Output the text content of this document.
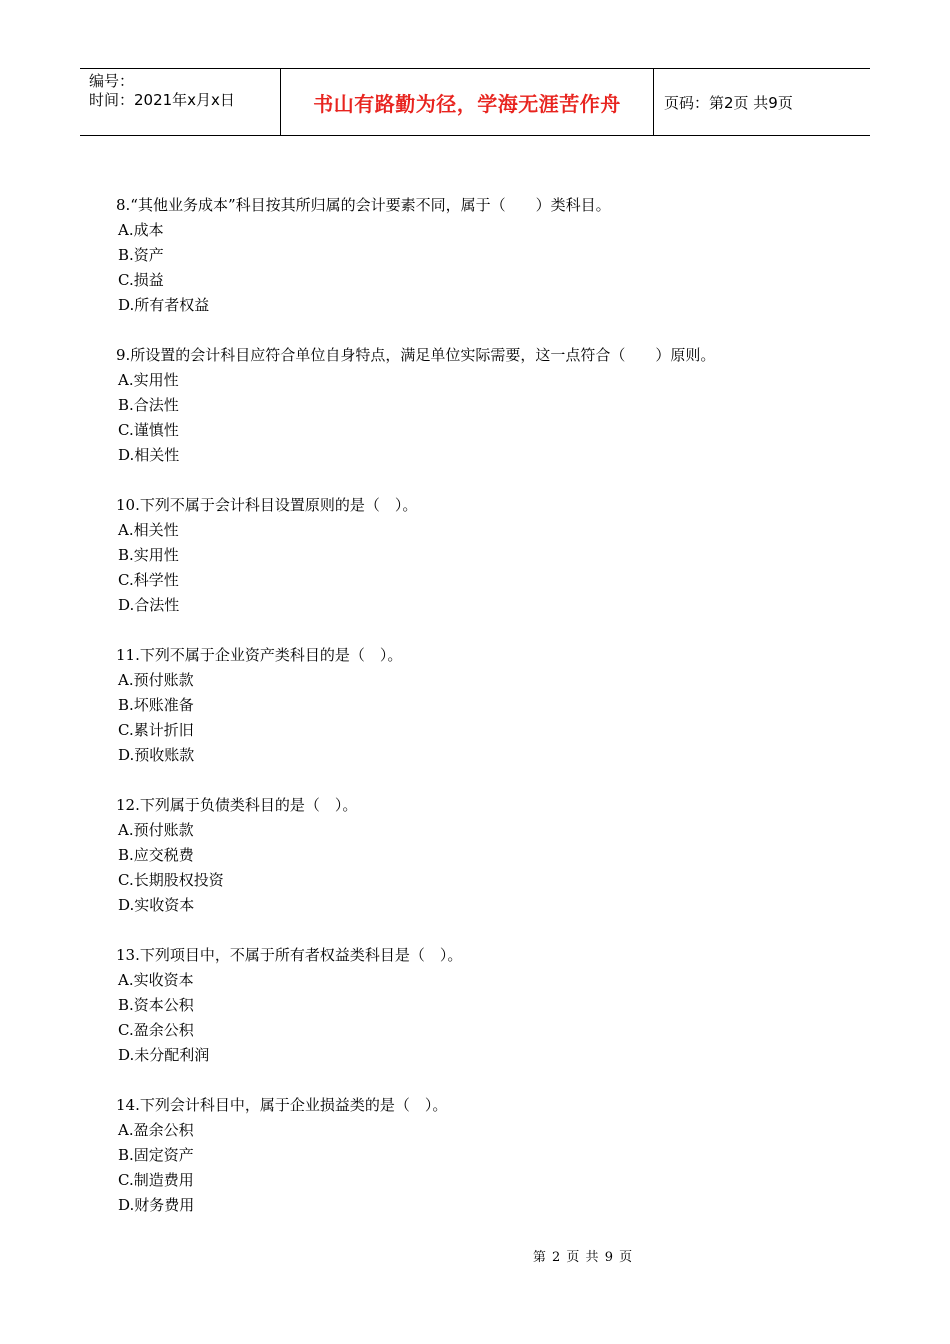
编号：
时间：2021年x月x日	书山有路勤为径，学海无涯苦作舟	页码：第2页 共9页
8.“其他业务成本”科目按其所归属的会计要素不同，属于（　　）类科目。
A.成本
B.资产
C.损益
D.所有者权益
9.所设置的会计科目应符合单位自身特点，满足单位实际需要，这一点符合（　　）原则。
A.实用性
B.合法性
C.谨慎性
D.相关性
10.下列不属于会计科目设置原则的是（　）。
A.相关性
B.实用性
C.科学性
D.合法性
11.下列不属于企业资产类科目的是（　）。
A.预付账款
B.坏账准备
C.累计折旧
D.预收账款
12.下列属于负债类科目的是（　）。
A.预付账款
B.应交税费
C.长期股权投资
D.实收资本
13.下列项目中，不属于所有者权益类科目是（　）。
A.实收资本
B.资本公积
C.盈余公积
D.未分配利润
14.下列会计科目中，属于企业损益类的是（　）。
A.盈余公积
B.固定资产
C.制造费用
D.财务费用
第 2 页 共 9 页
